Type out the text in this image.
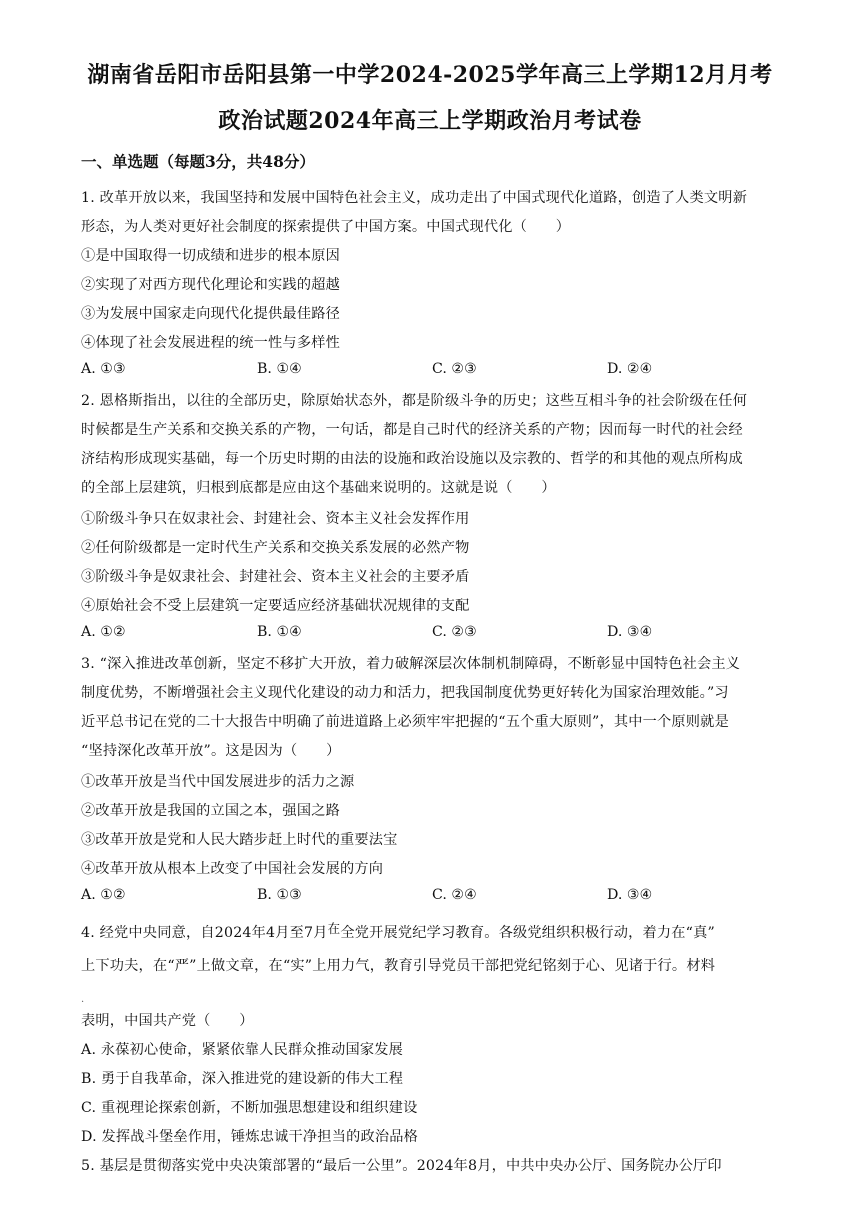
湖南省岳阳市岳阳县第一中学2024-2025学年高三上学期12月月考
政治试题2024年高三上学期政治月考试卷
一、单选题（每题3分，共48分）
1. 改革开放以来，我国坚持和发展中国特色社会主义，成功走出了中国式现代化道路，创造了人类文明新
形态，为人类对更好社会制度的探索提供了中国方案。中国式现代化（　　）
①是中国取得一切成绩和进步的根本原因
②实现了对西方现代化理论和实践的超越
③为发展中国家走向现代化提供最佳路径
④体现了社会发展进程的统一性与多样性
A. ①③	B. ①④	C. ②③	D. ②④
2. 恩格斯指出，以往的全部历史，除原始状态外，都是阶级斗争的历史；这些互相斗争的社会阶级在任何
时候都是生产关系和交换关系的产物，一句话，都是自己时代的经济关系的产物；因而每一时代的社会经
济结构形成现实基础，每一个历史时期的由法的设施和政治设施以及宗教的、哲学的和其他的观点所构成
的全部上层建筑，归根到底都是应由这个基础来说明的。这就是说（　　）
①阶级斗争只在奴隶社会、封建社会、资本主义社会发挥作用
②任何阶级都是一定时代生产关系和交换关系发展的必然产物
③阶级斗争是奴隶社会、封建社会、资本主义社会的主要矛盾
④原始社会不受上层建筑一定要适应经济基础状况规律的支配
A. ①②	B. ①④	C. ②③	D. ③④
3. “深入推进改革创新，坚定不移扩大开放，着力破解深层次体制机制障碍，不断彰显中国特色社会主义
制度优势，不断增强社会主义现代化建设的动力和活力，把我国制度优势更好转化为国家治理效能。”习
近平总书记在党的二十大报告中明确了前进道路上必须牢牢把握的“五个重大原则”，其中一个原则就是
“坚持深化改革开放”。这是因为（　　）
①改革开放是当代中国发展进步的活力之源
②改革开放是我国的立国之本，强国之路
③改革开放是党和人民大踏步赶上时代的重要法宝
④改革开放从根本上改变了中国社会发展的方向
A. ①②	B. ①③	C. ②④	D. ③④
4. 经党中央同意，自2024年4月至7月在全党开展党纪学习教育。各级党组织积极行动，着力在“真”
上下功夫，在“严”上做文章，在“实”上用力气，教育引导党员干部把党纪铭刻于心、见诸于行。材料
·
表明，中国共产党（　　）
A. 永葆初心使命，紧紧依靠人民群众推动国家发展
B. 勇于自我革命，深入推进党的建设新的伟大工程
C. 重视理论探索创新，不断加强思想建设和组织建设
D. 发挥战斗堡垒作用，锤炼忠诚干净担当的政治品格
5. 基层是贯彻落实党中央决策部署的“最后一公里”。2024年8月，中共中央办公厅、国务院办公厅印
